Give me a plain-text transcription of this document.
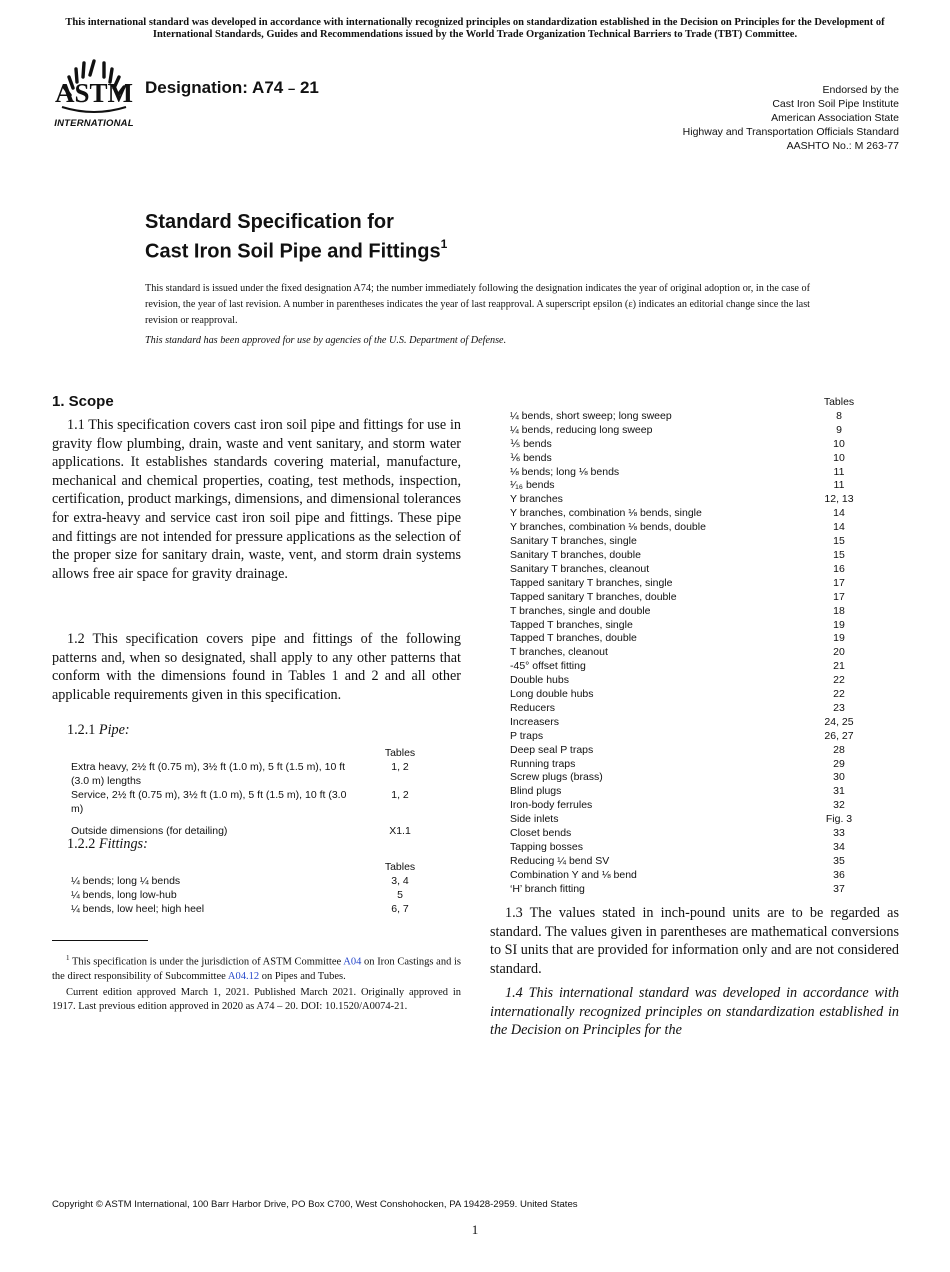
This international standard was developed in accordance with internationally recognized principles on standardization established in the Decision on Principles for the Development of International Standards, Guides and Recommendations issued by the World Trade Organization Technical Barriers to Trade (TBT) Committee.
ASTM
INTERNATIONAL
Designation: A74 – 21	Endorsed by the
Cast Iron Soil Pipe Institute
American Association State
Highway and Transportation Officials Standard
AASHTO No.: M 263-77
Standard Specification for
Cast Iron Soil Pipe and Fittings$^1$
This standard is issued under the fixed designation A74; the number immediately following the designation indicates the year of original adoption or, in the case of revision, the year of last revision. A number in parentheses indicates the year of last reapproval. A superscript epsilon (ε) indicates an editorial change since the last revision or reapproval.
This standard has been approved for use by agencies of the U.S. Department of Defense.
1. Scope
1.1 This specification covers cast iron soil pipe and fittings for use in gravity flow plumbing, drain, waste and vent sanitary, and storm water applications. It establishes standards covering material, manufacture, mechanical and chemical properties, coating, test methods, inspection, certification, product markings, dimensions, and dimensional tolerances for extra-heavy and service cast iron soil pipe and fittings. These pipe and fittings are not intended for pressure applications as the selection of the proper size for sanitary drain, waste, vent, and storm drain systems allows free air space for gravity drainage.
1.2 This specification covers pipe and fittings of the following patterns and, when so designated, shall apply to any other patterns that conform with the dimensions found in Tables 1 and 2 and all other applicable requirements given in this specification.
1.2.1 Pipe:
	Tables
Extra heavy, 2½ ft (0.75 m), 3½ ft (1.0 m), 5 ft (1.5 m), 10 ft (3.0 m) lengths	1, 2
Service, 2½ ft (0.75 m), 3½ ft (1.0 m), 5 ft (1.5 m), 10 ft (3.0 m)	1, 2
Outside dimensions (for detailing)	X1.1
1.2.2 Fittings:
	Tables
¼ bends; long ¼ bends	3, 4
¼ bends, long low-hub	5
¼ bends, low heel; high heel	6, 7

$^1$ This specification is under the jurisdiction of ASTM Committee A04 on Iron Castings and is the direct responsibility of Subcommittee A04.12 on Pipes and Tubes.

Current edition approved March 1, 2021. Published March 2021. Originally approved in 1917. Last previous edition approved in 2020 as A74 – 20. DOI: 10.1520/A0074-21.

	Tables
¼ bends, short sweep; long sweep	8
¼ bends, reducing long sweep	9
⅕ bends	10
⅙ bends	10
⅛ bends; long ⅛ bends	11
¹⁄₁₆ bends	11
Y branches	12, 13
Y branches, combination ⅛ bends, single	14
Y branches, combination ⅛ bends, double	14
Sanitary T branches, single	15
Sanitary T branches, double	15
Sanitary T branches, cleanout	16
Tapped sanitary T branches, single	17
Tapped sanitary T branches, double	17
T branches, single and double	18
Tapped T branches, single	19
Tapped T branches, double	19
T branches, cleanout	20
-45° offset fitting	21
Double hubs	22
Long double hubs	22
Reducers	23
Increasers	24, 25
P traps	26, 27
Deep seal P traps	28
Running traps	29
Screw plugs (brass)	30
Blind plugs	31
Iron-body ferrules	32
Side inlets	Fig. 3
Closet bends	33
Tapping bosses	34
Reducing ¼ bend SV	35
Combination Y and ⅛ bend	36
‘H’ branch fitting	37
1.3 The values stated in inch-pound units are to be regarded as standard. The values given in parentheses are mathematical conversions to SI units that are provided for information only and are not considered standard.
1.4 This international standard was developed in accordance with internationally recognized principles on standardization established in the Decision on Principles for the
Copyright © ASTM International, 100 Barr Harbor Drive, PO Box C700, West Conshohocken, PA 19428-2959. United States
1
